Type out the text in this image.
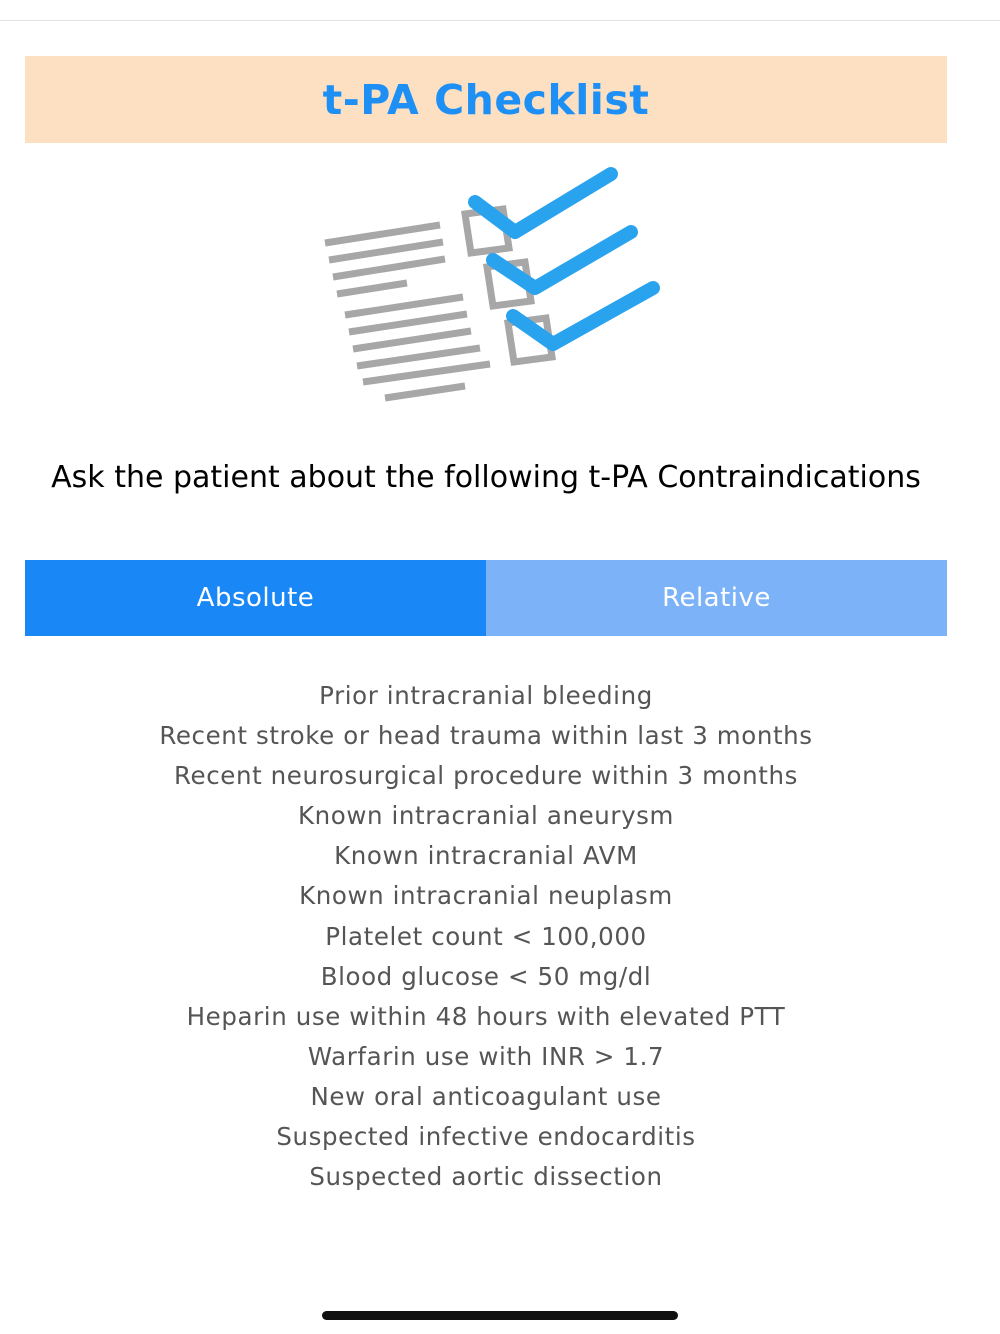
t-PA Checklist
Ask the patient about the following t-PA Contraindications
Absolute	Relative
Prior intracranial bleeding
Recent stroke or head trauma within last 3 months
Recent neurosurgical procedure within 3 months
Known intracranial aneurysm
Known intracranial AVM
Known intracranial neuplasm
Platelet count < 100,000
Blood glucose < 50 mg/dl
Heparin use within 48 hours with elevated PTT
Warfarin use with INR > 1.7
New oral anticoagulant use
Suspected infective endocarditis
Suspected aortic dissection
